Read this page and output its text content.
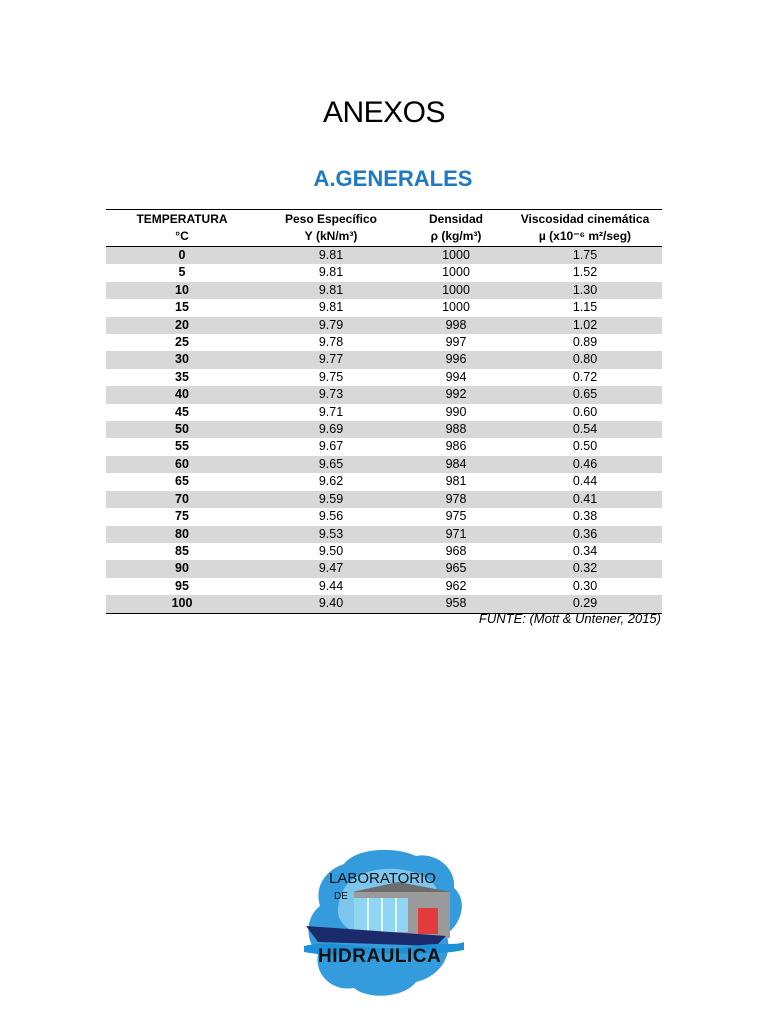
ANEXOS
A.GENERALES
TEMPERATURA	Peso Específico	Densidad	Viscosidad cinemática
°C	Υ (kN/m³)	ρ (kg/m³)	µ (x10⁻⁶ m²/seg)
0	9.81	1000	1.75
5	9.81	1000	1.52
10	9.81	1000	1.30
15	9.81	1000	1.15
20	9.79	998	1.02
25	9.78	997	0.89
30	9.77	996	0.80
35	9.75	994	0.72
40	9.73	992	0.65
45	9.71	990	0.60
50	9.69	988	0.54
55	9.67	986	0.50
60	9.65	984	0.46
65	9.62	981	0.44
70	9.59	978	0.41
75	9.56	975	0.38
80	9.53	971	0.36
85	9.50	968	0.34
90	9.47	965	0.32
95	9.44	962	0.30
100	9.40	958	0.29
FUNTE: (Mott & Untener, 2015)
LABORATORIO
DE
HIDRAULICA
